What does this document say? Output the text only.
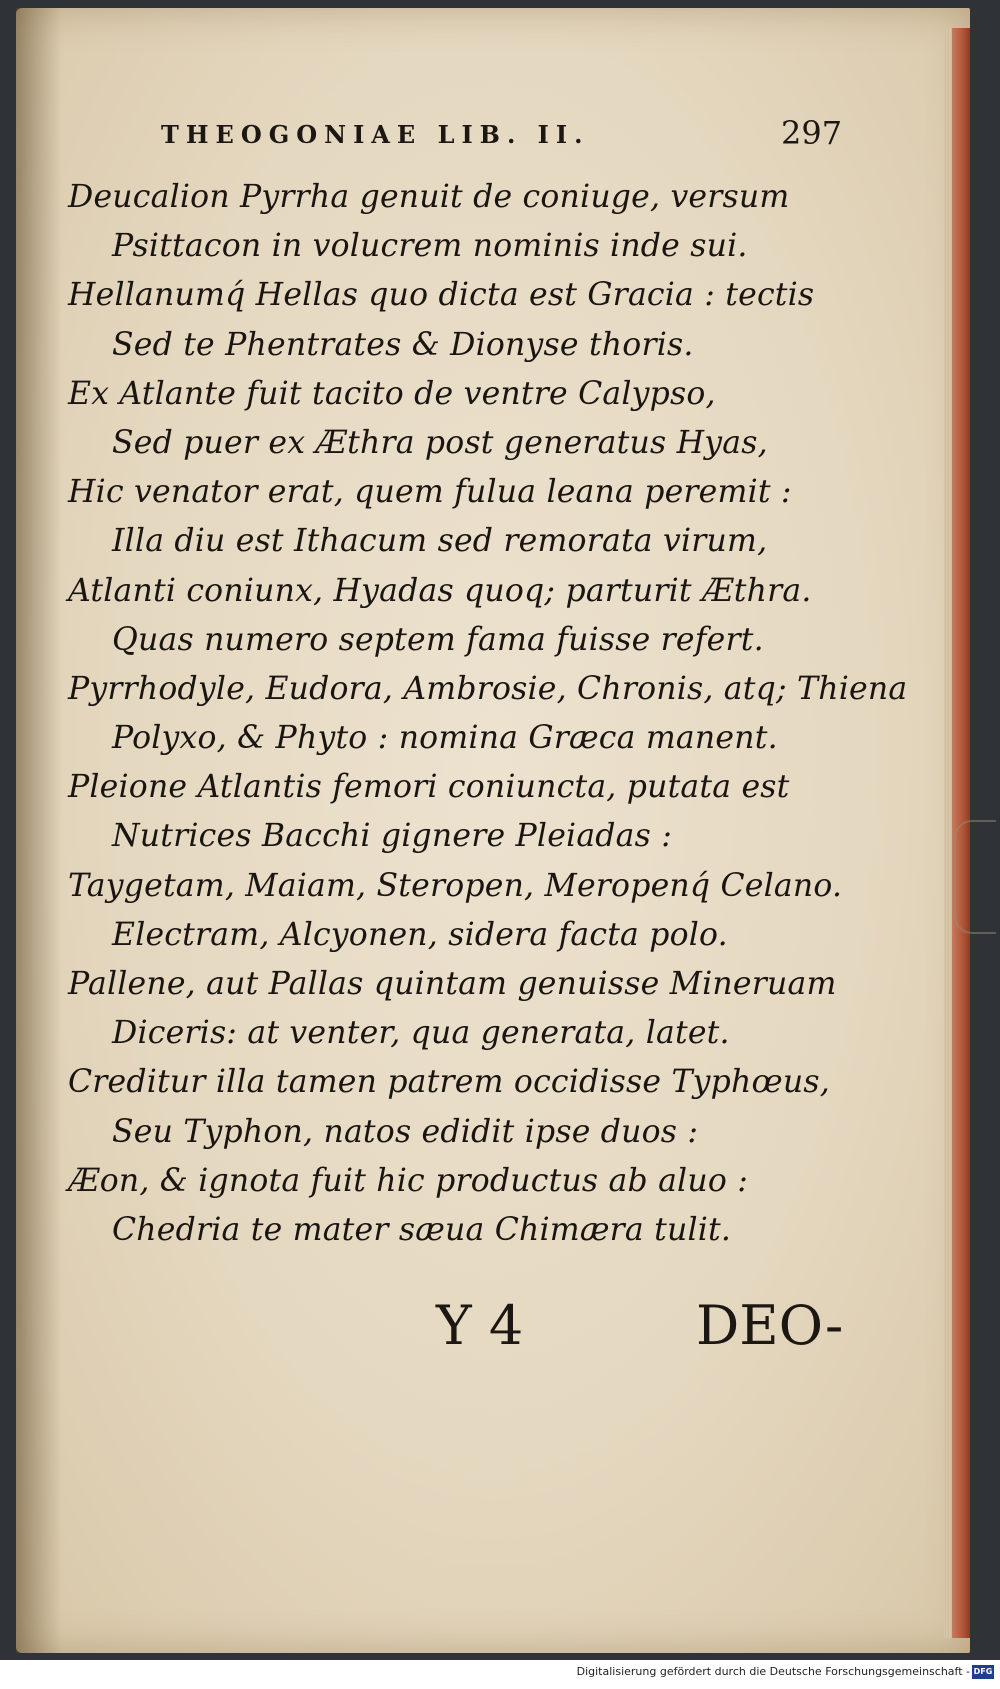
THEOGONIAE LIB. II.	297
Deucalion Pyrrha genuit de coniuge, versum
Psittacon in volucrem nominis inde sui.
Hellanumq́ Hellas quo dicta est Gracia : tectis
Sed te Phentrates & Dionyse thoris.
Ex Atlante fuit tacito de ventre Calypso,
Sed puer ex Æthra post generatus Hyas,
Hic venator erat, quem fulua leana peremit :
Illa diu est Ithacum sed remorata virum,
Atlanti coniunx, Hyadas quoq; parturit Æthra.
Quas numero septem fama fuisse refert.
Pyrrhodyle, Eudora, Ambrosie, Chronis, atq; Thiena
Polyxo, & Phyto : nomina Græca manent.
Pleione Atlantis femori coniuncta, putata est
Nutrices Bacchi gignere Pleiadas :
Taygetam, Maiam, Steropen, Meropenq́ Celano.
Electram, Alcyonen, sidera facta polo.
Pallene, aut Pallas quintam genuisse Mineruam
Diceris: at venter, qua generata, latet.
Creditur illa tamen patrem occidisse Typhœus,
Seu Typhon, natos edidit ipse duos :
Æon, & ignota fuit hic productus ab aluo :
Chedria te mater sæua Chimæra tulit.
Y 4	DEO-
Digitalisierung gefördert durch die Deutsche Forschungsgemeinschaft - DFG
